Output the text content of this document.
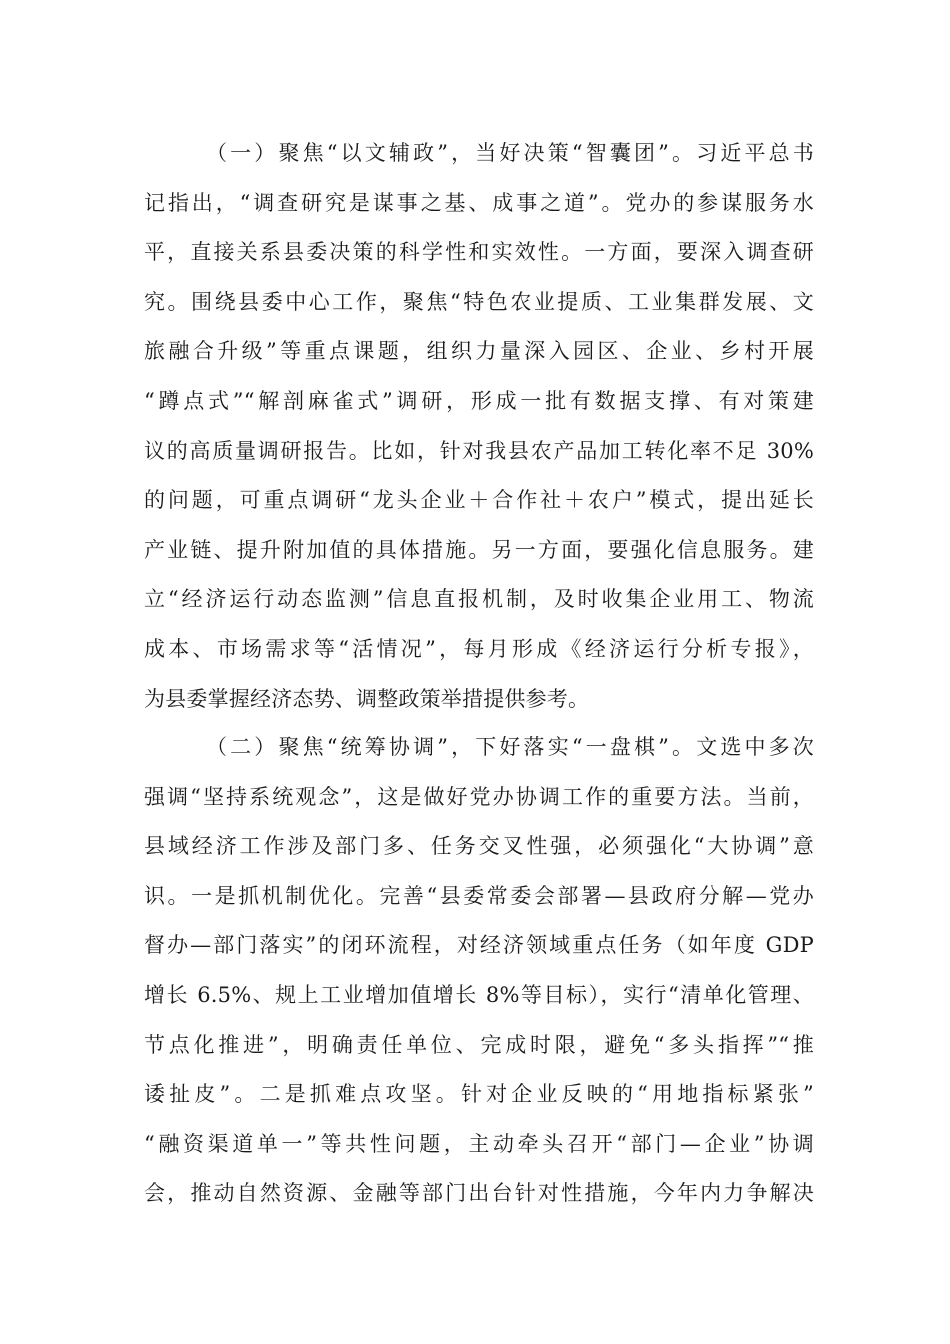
（一）聚焦“以文辅政”，当好决策“智囊团”。习近平总书
记指出，“调查研究是谋事之基、成事之道”。党办的参谋服务水
平，直接关系县委决策的科学性和实效性。一方面，要深入调查研
究。围绕县委中心工作，聚焦“特色农业提质、工业集群发展、文
旅融合升级”等重点课题，组织力量深入园区、企业、乡村开展
“蹲点式”“解剖麻雀式”调研，形成一批有数据支撑、有对策建
议的高质量调研报告。比如，针对我县农产品加工转化率不足 30%
的问题，可重点调研“龙头企业＋合作社＋农户”模式，提出延长
产业链、提升附加值的具体措施。另一方面，要强化信息服务。建
立“经济运行动态监测”信息直报机制，及时收集企业用工、物流
成本、市场需求等“活情况”，每月形成《经济运行分析专报》，
为县委掌握经济态势、调整政策举措提供参考。
（二）聚焦“统筹协调”，下好落实“一盘棋”。文选中多次
强调“坚持系统观念”，这是做好党办协调工作的重要方法。当前，
县域经济工作涉及部门多、任务交叉性强，必须强化“大协调”意
识。一是抓机制优化。完善“县委常委会部署—县政府分解—党办
督办—部门落实”的闭环流程，对经济领域重点任务（如年度 GDP
增长 6.5%、规上工业增加值增长 8%等目标），实行“清单化管理、
节点化推进”，明确责任单位、完成时限，避免“多头指挥”“推
诿扯皮”。二是抓难点攻坚。针对企业反映的“用地指标紧张”
“融资渠道单一”等共性问题，主动牵头召开“部门—企业”协调
会，推动自然资源、金融等部门出台针对性措施，今年内力争解决
